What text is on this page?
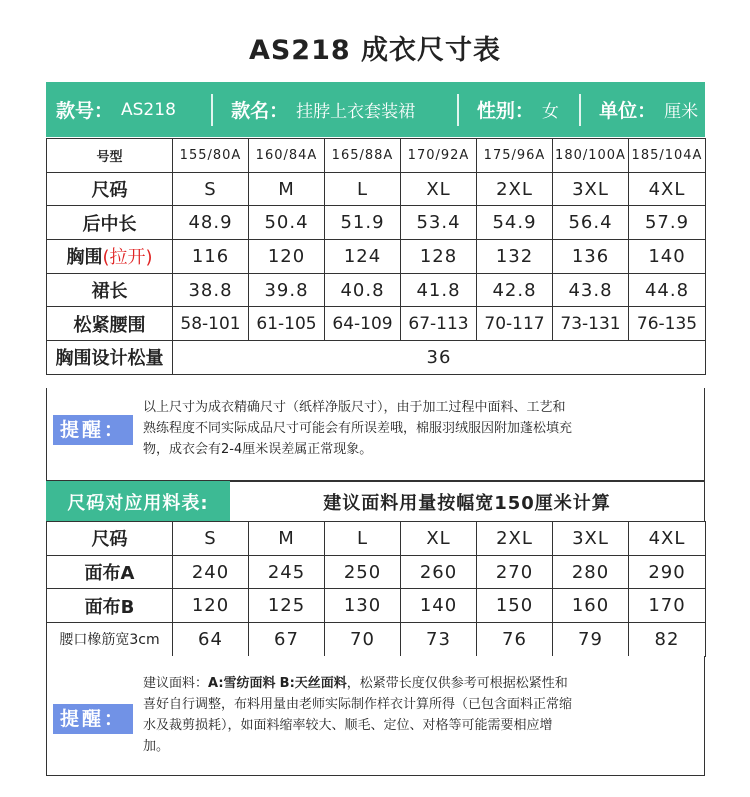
AS218 成衣尺寸表
款号： AS218	款名： 挂脖上衣套装裙	性别： 女 单位： 厘米
号型	155/80A	160/84A	165/88A	170/92A	175/96A	180/100A	185/104A
尺码	S	M	L	XL	2XL	3XL	4XL
后中长	48.9	50.4	51.9	53.4	54.9	56.4	57.9
胸围(拉开)	116	120	124	128	132	136	140
裙长	38.8	39.8	40.8	41.8	42.8	43.8	44.8
松紧腰围	58-101	61-105	64-109	67-113	70-117	73-131	76-135
胸围设计松量	36						
提醒：
以上尺寸为成衣精确尺寸（纸样净版尺寸），由于加工过程中面料、工艺和
熟练程度不同实际成品尺寸可能会有所误差哦，棉服羽绒服因附加蓬松填充
物，成衣会有2-4厘米误差属正常现象。
尺码对应用料表:	建议面料用量按幅宽150厘米计算
尺码	S	M	L	XL	2XL	3XL	4XL
面布A	240	245	250	260	270	280	290
面布B	120	125	130	140	150	160	170
腰口橡筋宽3cm	64	67	70	73	76	79	82
提醒：
建议面料：A:雪纺面料 B:天丝面料，松紧带长度仅供参考可根据松紧性和
喜好自行调整，布料用量由老师实际制作样衣计算所得（已包含面料正常缩
水及裁剪损耗），如面料缩率较大、顺毛、定位、对格等可能需要相应增
加。
